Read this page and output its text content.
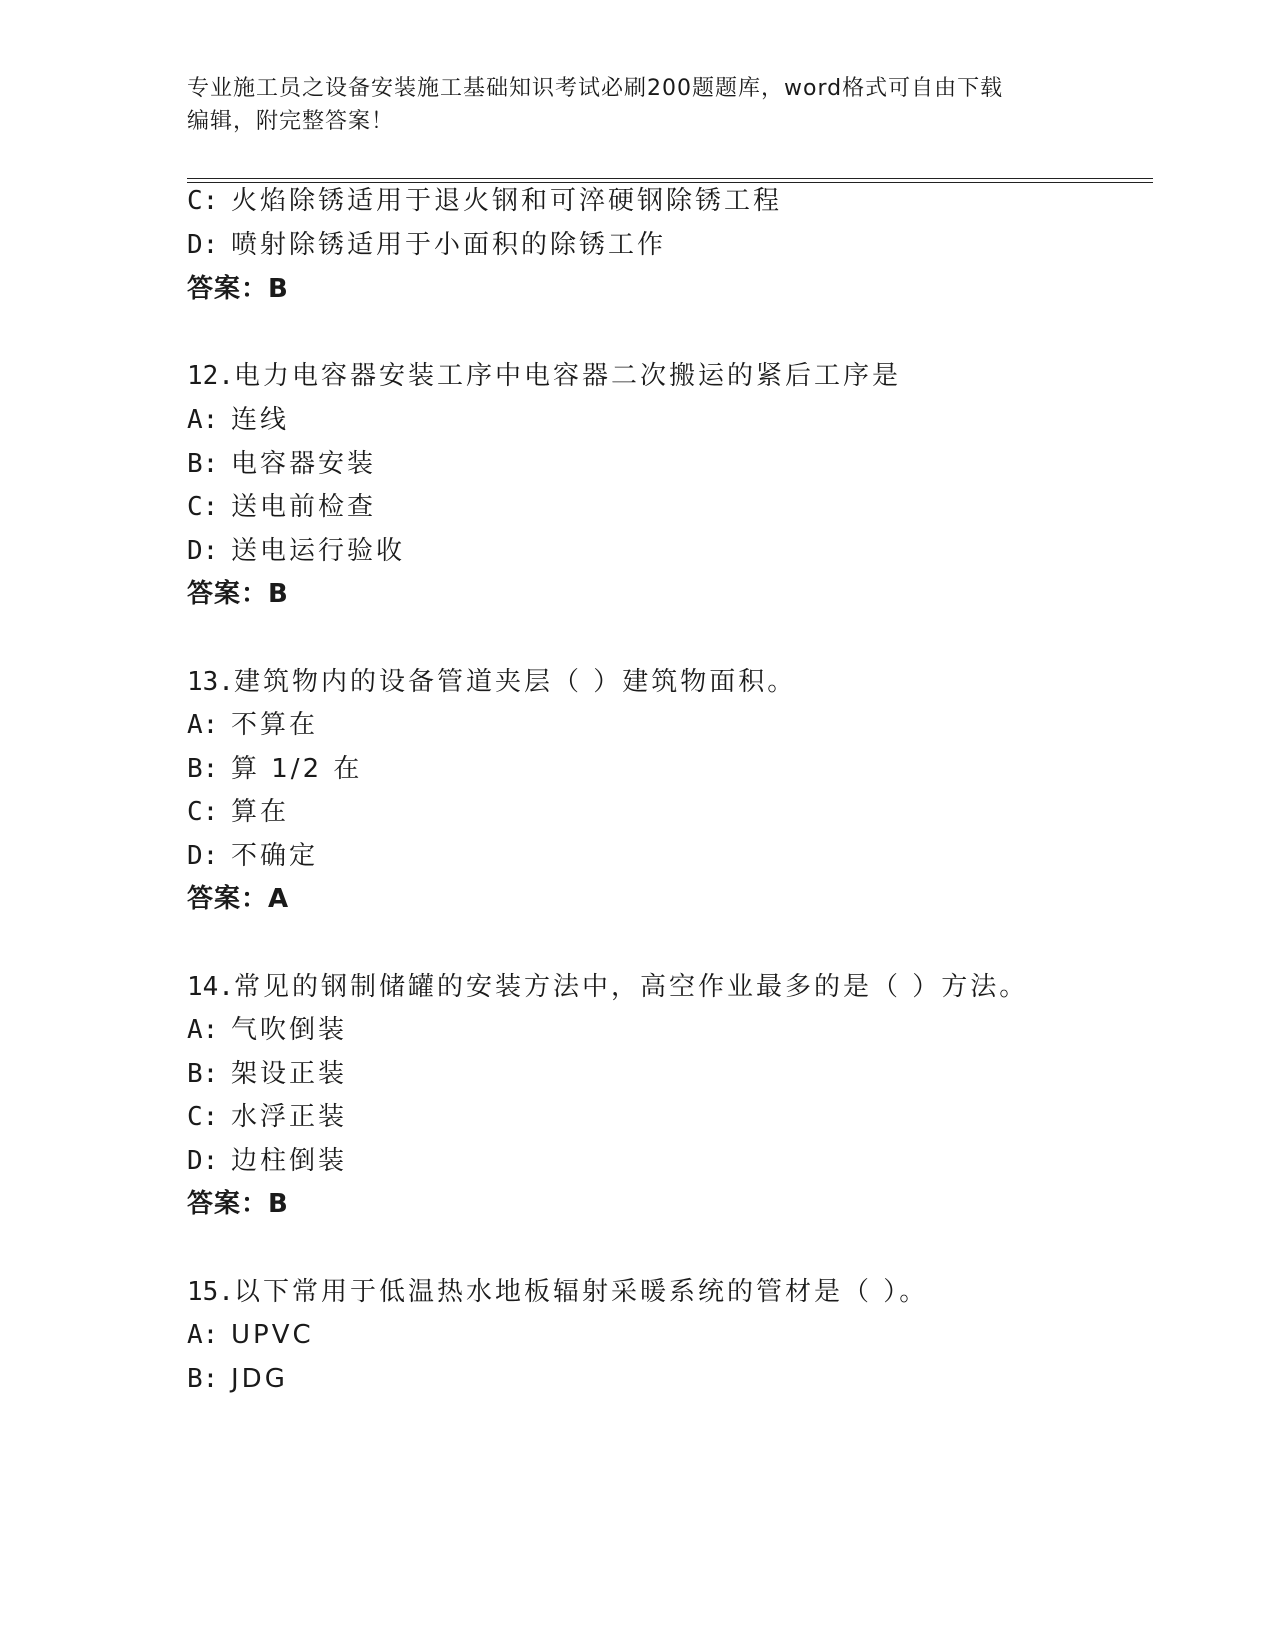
专业施工员之设备安装施工基础知识考试必刷200题题库，word格式可自由下载
编辑，附完整答案！
C: 火焰除锈适用于退火钢和可淬硬钢除锈工程
D: 喷射除锈适用于小面积的除锈工作
答案：B
12.电力电容器安装工序中电容器二次搬运的紧后工序是
A: 连线
B: 电容器安装
C: 送电前检查
D: 送电运行验收
答案：B
13.建筑物内的设备管道夹层（ ）建筑物面积。
A: 不算在
B: 算 1/2 在
C: 算在
D: 不确定
答案：A
14.常见的钢制储罐的安装方法中，高空作业最多的是（ ）方法。
A: 气吹倒装
B: 架设正装
C: 水浮正装
D: 边柱倒装
答案：B
15.以下常用于低温热水地板辐射采暖系统的管材是（ ）。
A: UPVC
B: JDG
